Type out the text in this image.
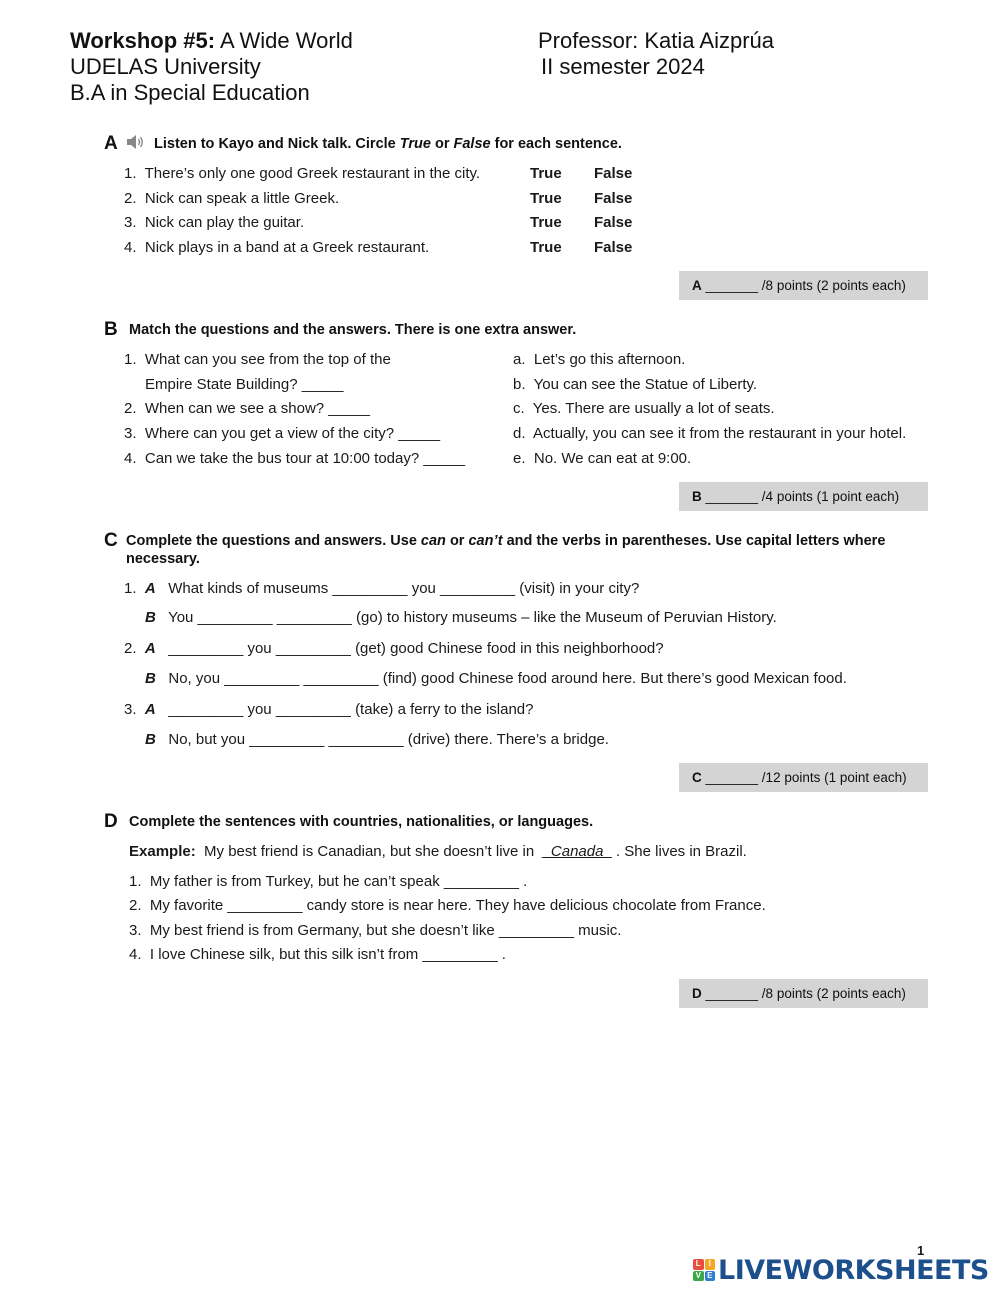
Workshop #5: A Wide World
UDELAS University
B.A in Special Education
Professor: Katia Aizprúa
II semester 2024
A	Listen to Kayo and Nick talk. Circle True or False for each sentence.
1. There’s only one good Greek restaurant in the city.
2. Nick can speak a little Greek.
3. Nick can play the guitar.
4. Nick plays in a band at a Greek restaurant.
True False
True False
True False
True False
A _______ /8 points (2 points each)
B Match the questions and the answers. There is one extra answer.
1. What can you see from the top of the
Empire State Building? _____
2. When can we see a show? _____
3. Where can you get a view of the city? _____
4. Can we take the bus tour at 10:00 today? _____
a. Let’s go this afternoon.
b. You can see the Statue of Liberty.
c. Yes. There are usually a lot of seats.
d. Actually, you can see it from the restaurant in your hotel.
e. No. We can eat at 9:00.
B _______ /4 points (1 point each)
C Complete the questions and answers. Use can or can’t and the verbs in parentheses. Use capital letters where
necessary.
1. A What kinds of museums _________ you _________ (visit) in your city?
B You _________ _________ (go) to history museums – like the Museum of Peruvian History.
2. A _________ you _________ (get) good Chinese food in this neighborhood?
B No, you _________ _________ (find) good Chinese food around here. But there’s good Mexican food.
3. A _________ you _________ (take) a ferry to the island?
B No, but you _________ _________ (drive) there. There’s a bridge.
C _______ /12 points (1 point each)
D Complete the sentences with countries, nationalities, or languages.
Example:  My best friend is Canadian, but she doesn’t live in  _Canada_ . She lives in Brazil.
1. My father is from Turkey, but he can’t speak _________ .
2. My favorite _________ candy store is near here. They have delicious chocolate from France.
3. My best friend is from Germany, but she doesn’t like _________ music.
4. I love Chinese silk, but this silk isn’t from _________ .
D _______ /8 points (2 points each)
1
L I
V E LIVEWORKSHEETS
